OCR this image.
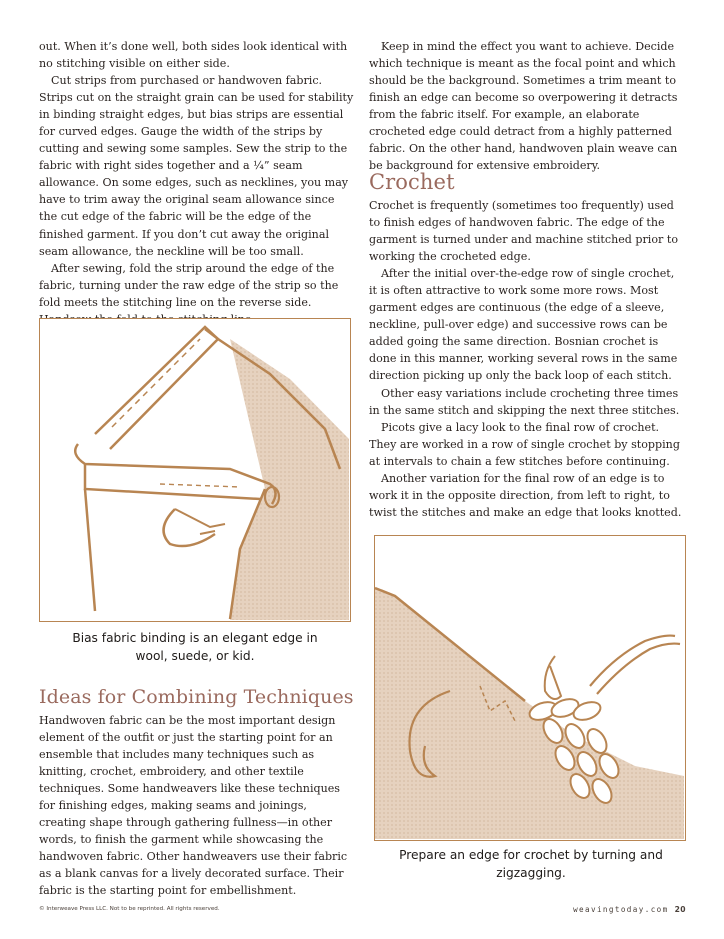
out. When it’s done well, both sides look identical with no stitching visible on either side.

Cut strips from purchased or handwoven fabric. Strips cut on the straight grain can be used for stability in binding straight edges, but bias strips are essential for curved edges. Gauge the width of the strips by cutting and sewing some samples. Sew the strip to the fabric with right sides together and a ¼” seam allowance. On some edges, such as necklines, you may have to trim away the original seam allowance since the cut edge of the fabric will be the edge of the finished garment. If you don’t cut away the original seam allowance, the neckline will be too small.

After sewing, fold the strip around the edge of the fabric, turning under the raw edge of the strip so the fold meets the stitching line on the reverse side.

Bias fabric binding is an elegant edge in wool, suede, or kid.
Ideas for Combining Techniques

Handwoven fabric can be the most important design element of the outfit or just the starting point for an ensemble that includes many techniques such as knitting, crochet, embroidery, and other textile techniques. Some handweavers like these techniques for finishing edges, making seams and joinings, creating shape through gathering fullness—in other words, to finish the garment while showcasing the handwoven fabric. Other handweavers use their fabric as a blank canvas for a lively decorated surface. Their fabric is the starting point for embellishment.

Keep in mind the effect you want to achieve. Decide which technique is meant as the focal point and which should be the background. Sometimes a trim meant to finish an edge can become so overpowering it detracts from the fabric itself. For example, an elaborate crocheted edge could detract from a highly patterned fabric. On the other hand, handwoven plain weave can be background for extensive embroidery.

Crochet

Crochet is frequently (sometimes too frequently) used to finish edges of handwoven fabric. The edge of the garment is turned under and machine stitched prior to working the crocheted edge.

After the initial over-the-edge row of single crochet, it is often attractive to work some more rows. Most garment edges are continuous (the edge of a sleeve, neckline, pull-over edge) and successive rows can be added going the same direction. Bosnian crochet is done in this manner, working several rows in the same direction picking up only the back loop of each stitch.

Other easy variations include crocheting three times in the same stitch and skipping the next three stitches.

Picots give a lacy look to the final row of crochet. They are worked in a row of single crochet by stopping at intervals to chain a few stitches before continuing.

Another variation for the final row of an edge is to work it in the opposite direction, from left to right, to twist the stitches and make an edge that looks knotted.

Prepare an edge for crochet by turning and zigzagging.
© Interweave Press LLC. Not to be reprinted. All rights reserved.	weavingtoday.com 20
